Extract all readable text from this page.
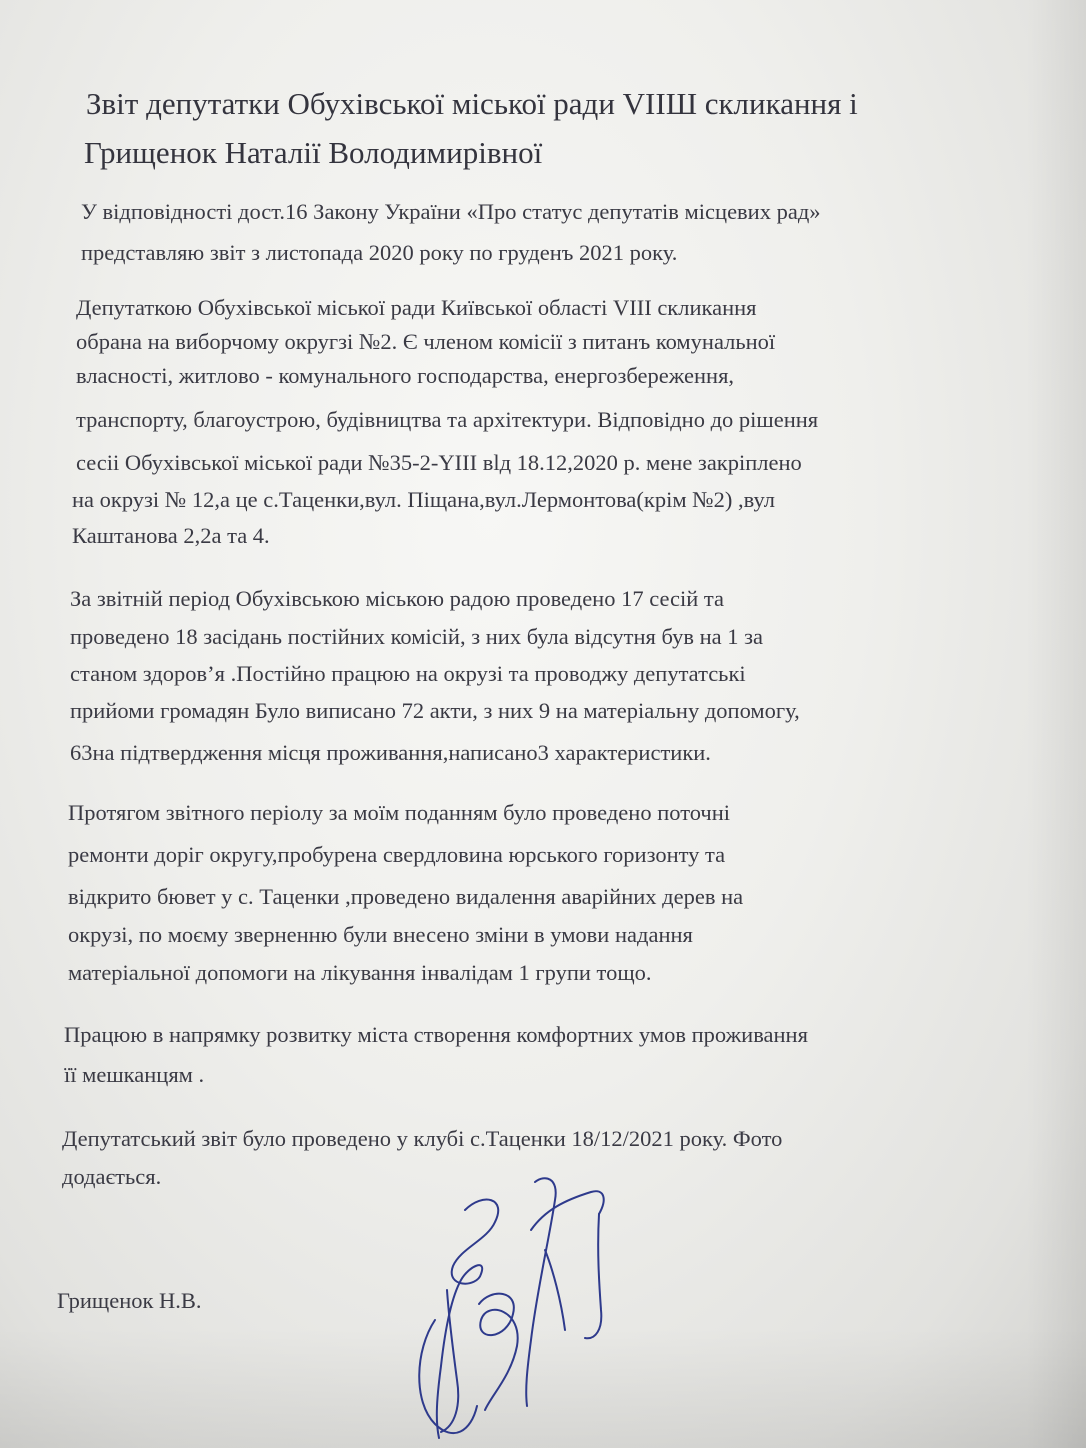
Звіт депутатки Обухівської міської ради VIIШ скликання і

Грищенок Наталії Володимирівної

У відповідності дост.16 Закону України «Про статус депутатів місцевих рад»

представляю звіт з листопада 2020 року по груденъ 2021 року.

Депутаткою Обухівської міської ради Київської області VIII скликання

обрана на виборчому округзі №2. Є членом комісії з питанъ комунальної

власності, житлово - комунального господарства, енергозбереження,

транспорту, благоустрою, будівництва та архітектури. Відповідно до рішення

сесіі Обухівської міської ради №35-2-YIII вlд 18.12,2020 р. мене закріплено

на окрузі № 12,а це с.Таценки,вул. Піщана,вул.Лермонтова(крім №2) ,вул

Каштанова 2,2а та 4.

За звітній період Обухівською міською радою проведено 17 сесій та

проведено 18 засідань постійних комісій, з них була відсутня був на 1 за

станом здоров’я .Постійно працюю на окрузі та проводжу депутатські

прийоми громадян Було виписано 72 акти, з них 9 на матеріальну допомогу,

63на підтвердження місця проживання,написано3 характеристики.

Протягом звітного періолу за моїм поданням було проведено поточні

ремонти доріг округу,пробурена свердловина юрського горизонту та

відкрито бювет у с. Таценки ,проведено видалення аварійних дерев на

окрузі, по моєму зверненню були внесено зміни в умови надання

матеріальної допомоги на лікування інвалідам 1 групи тощо.

Працюю в напрямку розвитку міста створення комфортних умов проживання

її мешканцям .

Депутатський звіт було проведено у клубі с.Таценки 18/12/2021 року. Фото

додається.

Грищенок Н.В.
